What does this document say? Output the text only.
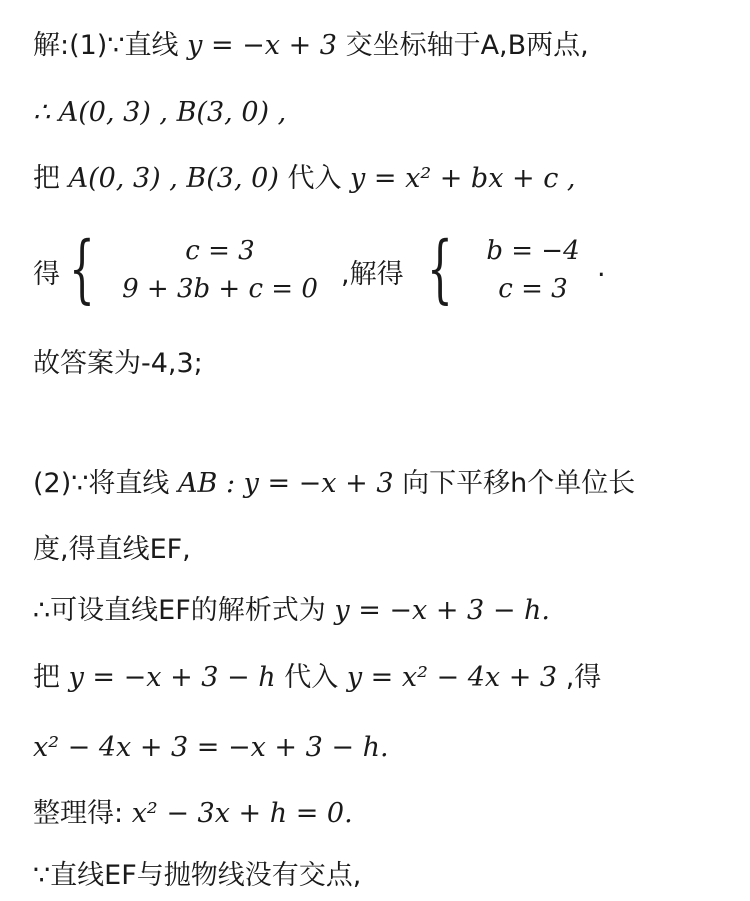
解:(1)∵直线 y = −x + 3 交坐标轴于A,B两点,
∴ A(0, 3) , B(3, 0) ,
把 A(0, 3) , B(3, 0) 代入 y = x² + bx + c ,
得 {	c = 3
9 + 3b + c = 0 ,解得 {	b = −4
c = 3
.
故答案为-4,3;
(2)∵将直线 AB : y = −x + 3 向下平移h个单位长
度,得直线EF,
∴可设直线EF的解析式为 y = −x + 3 − h.
把 y = −x + 3 − h 代入 y = x² − 4x + 3 ,得
x² − 4x + 3 = −x + 3 − h.
整理得: x² − 3x + h = 0.
∵直线EF与抛物线没有交点,
